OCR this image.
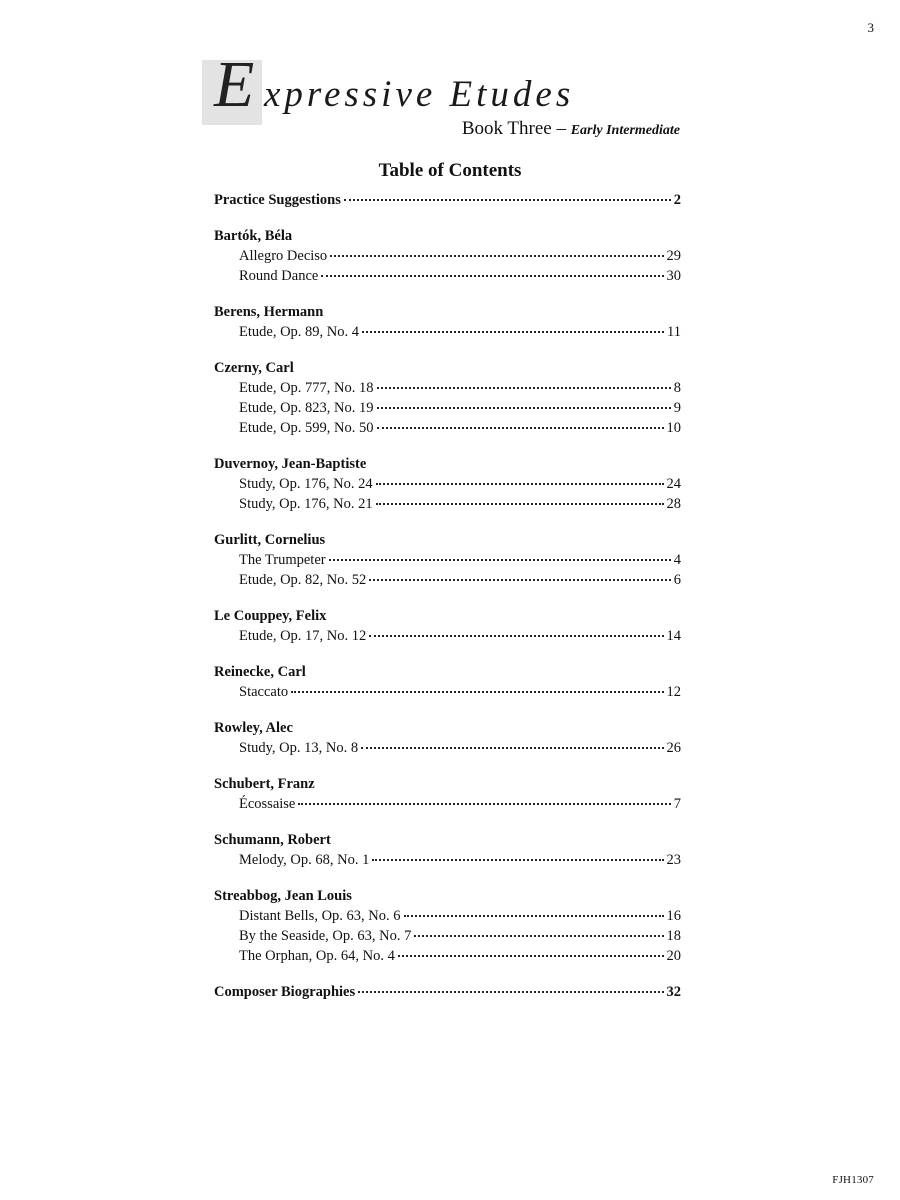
3
E xpressive Etudes
Book Three – Early Intermediate
Table of Contents
Practice Suggestions	2
Bartók, Béla
Allegro Deciso	29
Round Dance	30
Berens, Hermann
Etude, Op. 89, No. 4	11
Czerny, Carl
Etude, Op. 777, No. 18	8
Etude, Op. 823, No. 19	9
Etude, Op. 599, No. 50	10
Duvernoy, Jean-Baptiste
Study, Op. 176, No. 24	24
Study, Op. 176, No. 21	28
Gurlitt, Cornelius
The Trumpeter	4
Etude, Op. 82, No. 52	6
Le Couppey, Felix
Etude, Op. 17, No. 12	14
Reinecke, Carl
Staccato	12
Rowley, Alec
Study, Op. 13, No. 8	26
Schubert, Franz
Écossaise	7
Schumann, Robert
Melody, Op. 68, No. 1	23
Streabbog, Jean Louis
Distant Bells, Op. 63, No. 6	16
By the Seaside, Op. 63, No. 7	18
The Orphan, Op. 64, No. 4	20
Composer Biographies	32
FJH1307
